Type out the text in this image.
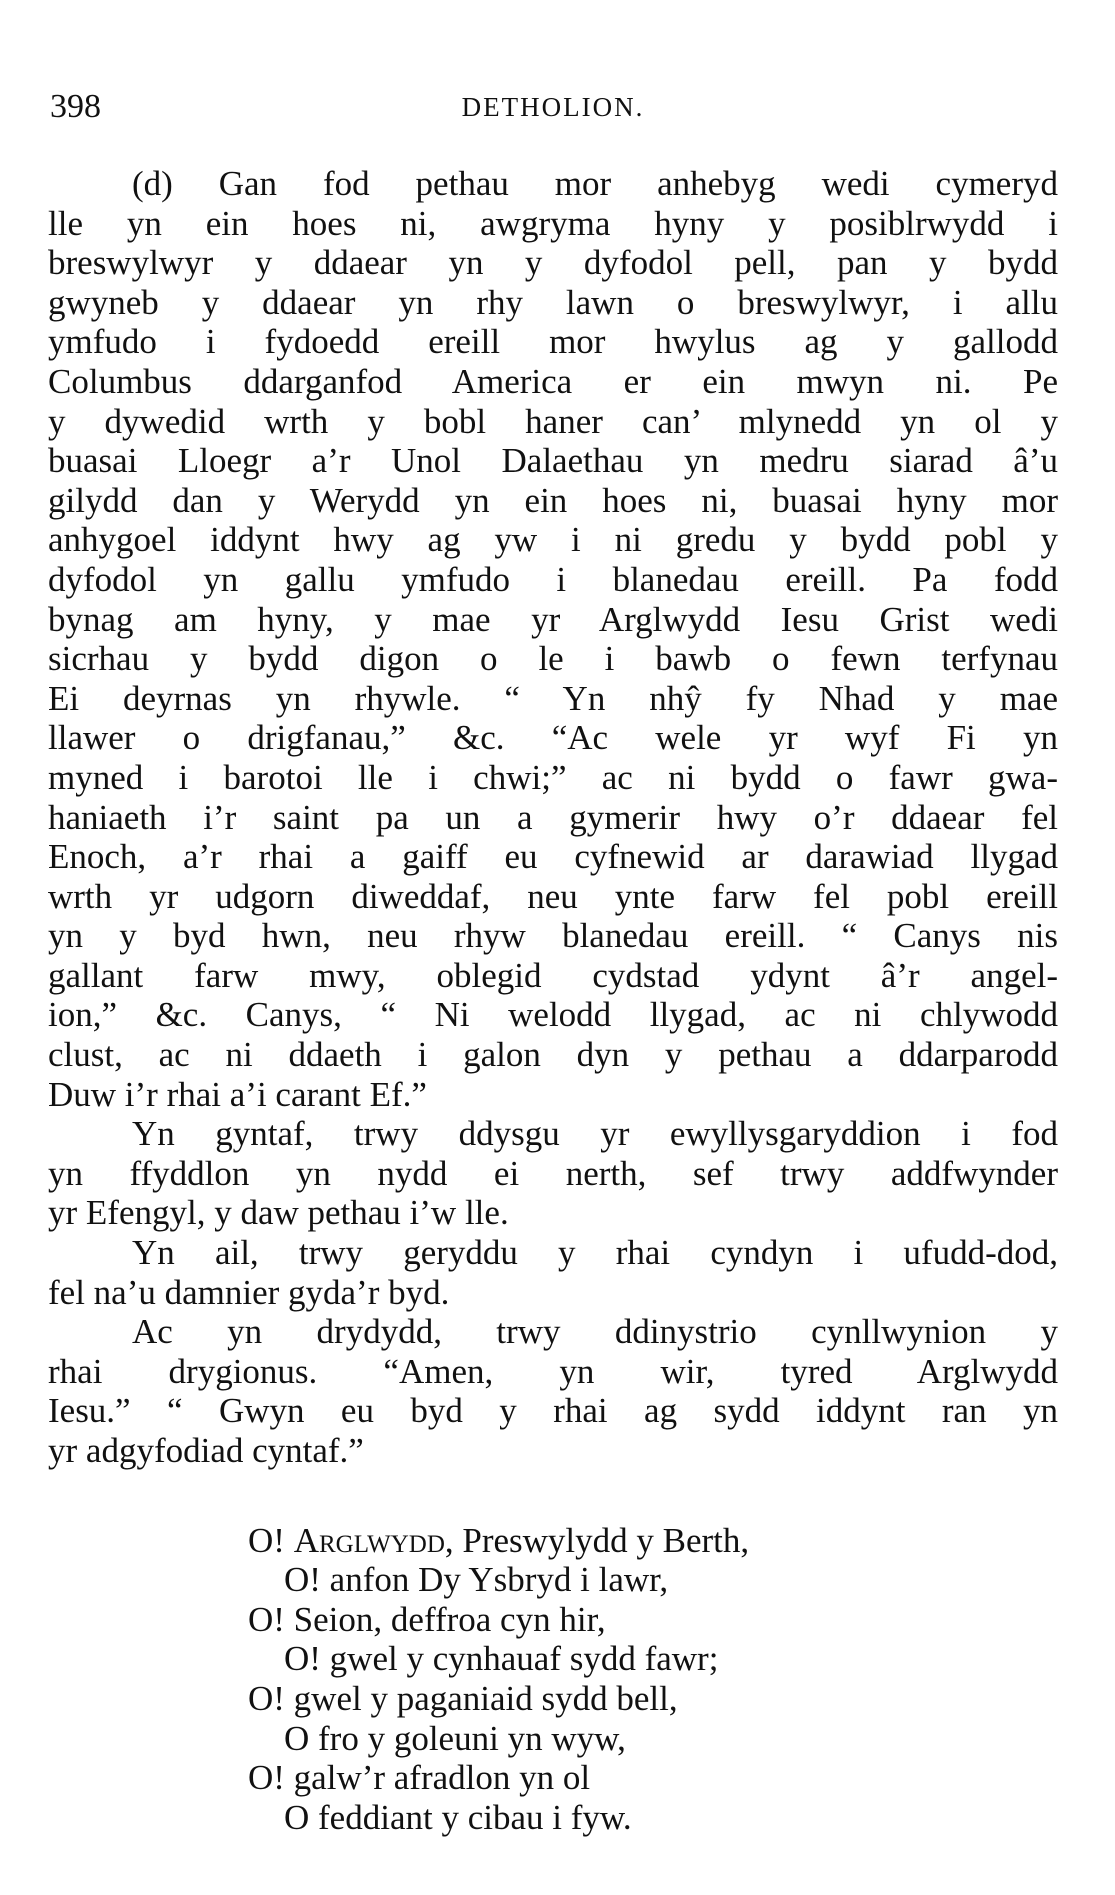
398	DETHOLION.
(d) Gan fod pethau mor anhebyg wedi cymeryd
lle yn ein hoes ni, awgryma hyny y posiblrwydd i
breswylwyr y ddaear yn y dyfodol pell, pan y bydd
gwyneb y ddaear yn rhy lawn o breswylwyr, i allu
ymfudo i fydoedd ereill mor hwylus ag y gallodd
Columbus ddarganfod America er ein mwyn ni. Pe
y dywedid wrth y bobl haner can’ mlynedd yn ol y
buasai Lloegr a’r Unol Dalaethau yn medru siarad â’u
gilydd dan y Werydd yn ein hoes ni, buasai hyny mor
anhygoel iddynt hwy ag yw i ni gredu y bydd pobl y
dyfodol yn gallu ymfudo i blanedau ereill. Pa fodd
bynag am hyny, y mae yr Arglwydd Iesu Grist wedi
sicrhau y bydd digon o le i bawb o fewn terfynau
Ei deyrnas yn rhywle. “ Yn nhŷ fy Nhad y mae
llawer o drigfanau,” &c. “Ac wele yr wyf Fi yn
myned i barotoi lle i chwi;” ac ni bydd o fawr gwa-
haniaeth i’r saint pa un a gymerir hwy o’r ddaear fel
Enoch, a’r rhai a gaiff eu cyfnewid ar darawiad llygad
wrth yr udgorn diweddaf, neu ynte farw fel pobl ereill
yn y byd hwn, neu rhyw blanedau ereill. “ Canys nis
gallant farw mwy, oblegid cydstad ydynt â’r angel-
ion,” &c. Canys, “ Ni welodd llygad, ac ni chlywodd
clust, ac ni ddaeth i galon dyn y pethau a ddarparodd
Duw i’r rhai a’i carant Ef.”
Yn gyntaf, trwy ddysgu yr ewyllysgaryddion i fod
yn ffyddlon yn nydd ei nerth, sef trwy addfwynder
yr Efengyl, y daw pethau i’w lle.
Yn ail, trwy geryddu y rhai cyndyn i ufudd-dod,
fel na’u damnier gyda’r byd.
Ac yn drydydd, trwy ddinystrio cynllwynion y
rhai drygionus. “Amen, yn wir, tyred Arglwydd
Iesu.” “ Gwyn eu byd y rhai ag sydd iddynt ran yn
yr adgyfodiad cyntaf.”
O! Arglwydd, Preswylydd y Berth,
O! anfon Dy Ysbryd i lawr,
O! Seion, deffroa cyn hir,
O! gwel y cynhauaf sydd fawr;
O! gwel y paganiaid sydd bell,
O fro y goleuni yn wyw,
O! galw’r afradlon yn ol
O feddiant y cibau i fyw.
